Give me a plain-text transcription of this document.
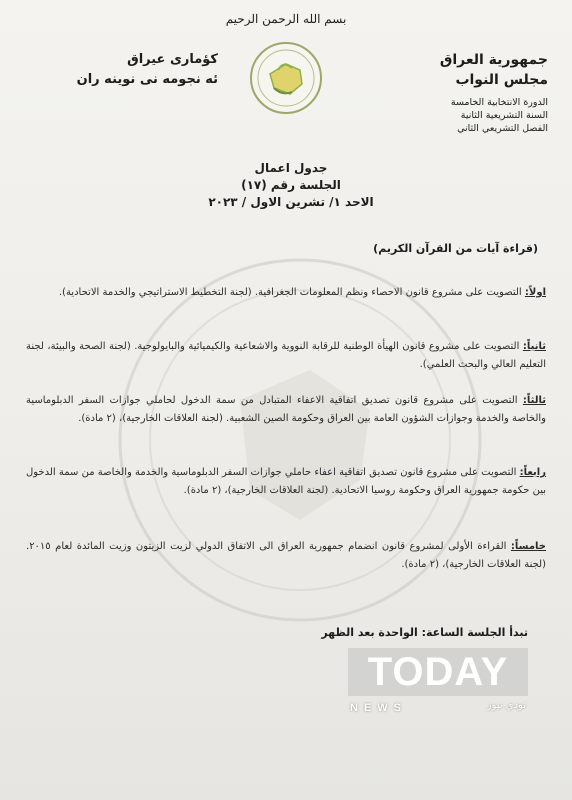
بسم الله الرحمن الرحيم
جمهورية العراق
مجلس النواب
الدورة الانتخابية الخامسة
السنة التشريعية الثانية
الفصل التشريعي الثاني
كؤمارى عيراق
ئه نجومه نى نوينه ران
جدول اعمال
الجلسة رقم (١٧)
الاحد ١/ تشرين الاول / ٢٠٢٣
(قراءة آيات من القرآن الكريم)
اولاً: التصويت على مشروع قانون الاحصاء ونظم المعلومات الجغرافية. (لجنة التخطيط الاستراتيجي والخدمة الاتحادية).
ثانياً: التصويت على مشروع قانون الهيأة الوطنية للرقابة النووية والاشعاعية والكيميائية والبايولوجية. (لجنة الصحة والبيئة، لجنة التعليم العالي والبحث العلمي).
ثالثاً: التصويت على مشروع قانون تصديق اتفاقية الاعفاء المتبادل من سمة الدخول لحاملي جوازات السفر الدبلوماسية والخاصة والخدمة وجوازات الشؤون العامة بين العراق وحكومة الصين الشعبية. (لجنة العلاقات الخارجية)، (٢ مادة).
رابعاً: التصويت على مشروع قانون تصديق اتفاقية اعفاء حاملي جوازات السفر الدبلوماسية والخدمة والخاصة من سمة الدخول بين حكومة جمهورية العراق وحكومة روسيا الاتحادية. (لجنة العلاقات الخارجية)، (٢ مادة).
خامساً: القراءة الأولى لمشروع قانون انضمام جمهورية العراق الى الاتفاق الدولي لزيت الزيتون وزيت المائدة لعام ٢٠١٥. (لجنة العلاقات الخارجية)، (٢ مادة).
تبدأ الجلسة الساعة: الواحدة بعد الظهر
TODAY
NEWS	تودي نيوز
